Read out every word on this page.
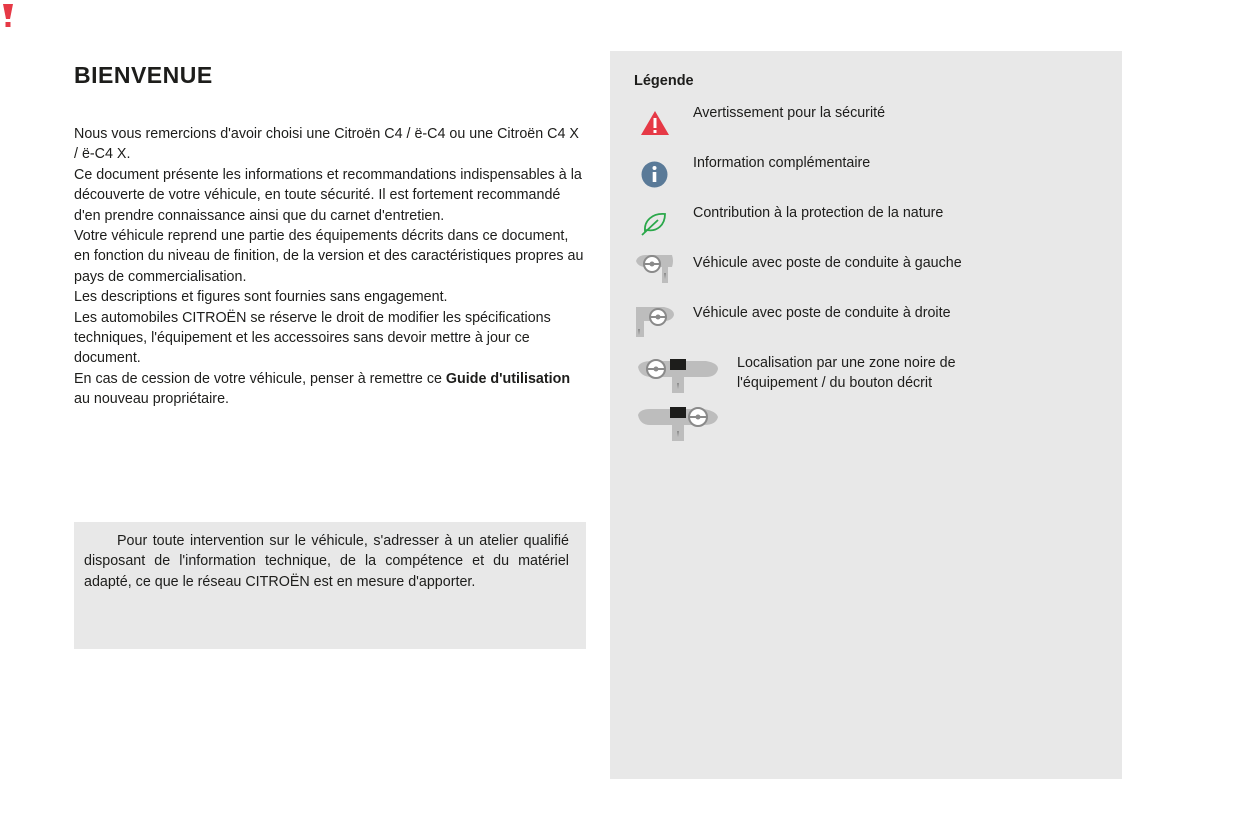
BIENVENUE

Nous vous remercions d'avoir choisi une Citroën C4 / ë-C4 ou une Citroën C4 X / ë-C4 X.

Ce document présente les informations et recommandations indispensables à la découverte de votre véhicule, en toute sécurité. Il est fortement recommandé d'en prendre connaissance ainsi que du carnet d'entretien.

Votre véhicule reprend une partie des équipements décrits dans ce document, en fonction du niveau de finition, de la version et des caractéristiques propres au pays de commercialisation.

Les descriptions et figures sont fournies sans engagement.

Les automobiles CITROËN se réserve le droit de modifier les spécifications techniques, l'équipement et les accessoires sans devoir mettre à jour ce document.

En cas de cession de votre véhicule, penser à remettre ce Guide d'utilisation au nouveau propriétaire.

Pour toute intervention sur le véhicule, s'adresser à un atelier qualifié disposant de l'information technique, de la compétence et du matériel adapté, ce que le réseau CITROËN est en mesure d'apporter.

Légende
Avertissement pour la sécurité
Information complémentaire
Contribution à la protection de la nature
Véhicule avec poste de conduite à gauche
Véhicule avec poste de conduite à droite
Localisation par une zone noire de l'équipement / du bouton décrit
